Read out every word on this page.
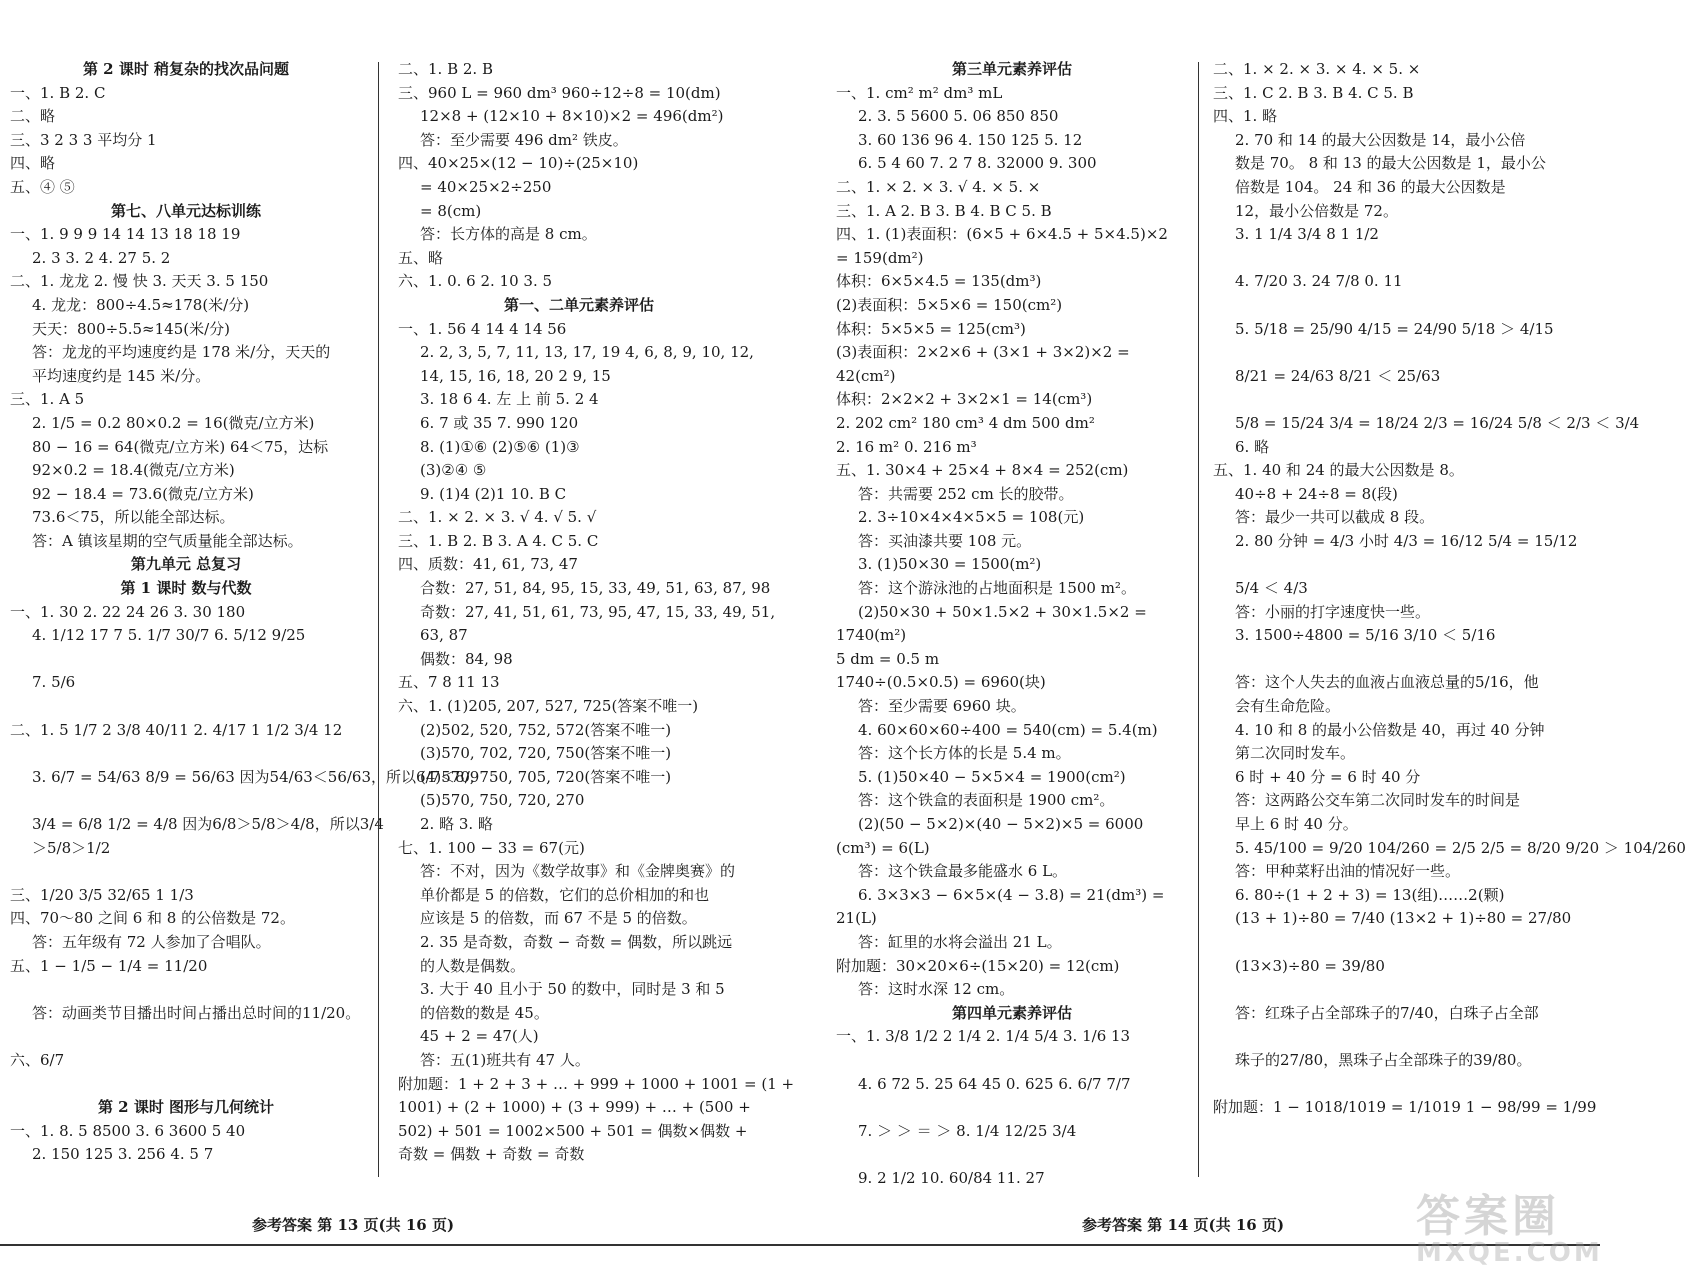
第 2 课时 稍复杂的找次品问题
一、1. B 2. C
二、略
三、3 2 3 3 平均分 1
四、略
五、④ ⑤
第七、八单元达标训练
一、1. 9 9 9 14 14 13 18 18 19
2. 3 3. 2 4. 27 5. 2
二、1. 龙龙 2. 慢 快 3. 天天 3. 5 150
4. 龙龙：800÷4.5≈178(米/分)
天天：800÷5.5≈145(米/分)
答：龙龙的平均速度约是 178 米/分，天天的
平均速度约是 145 米/分。
三、1. A 5
2. 1/5 = 0.2 80×0.2 = 16(微克/立方米)
80 − 16 = 64(微克/立方米) 64＜75，达标
92×0.2 = 18.4(微克/立方米)
92 − 18.4 = 73.6(微克/立方米)
73.6＜75，所以能全部达标。
答：A 镇该星期的空气质量能全部达标。
第九单元 总复习
第 1 课时 数与代数
一、1. 30 2. 22 24 26 3. 30 180
4. 1/12 17 7 5. 1/7 30/7 6. 5/12 9/25
7. 5/6
二、1. 5 1/7 2 3/8 40/11 2. 4/17 1 1/2 3/4 12
3. 6/7 = 54/63 8/9 = 56/63 因为54/63＜56/63，所以6/7＜8/9
3/4 = 6/8 1/2 = 4/8 因为6/8＞5/8＞4/8，所以3/4
＞5/8＞1/2
三、1/20 3/5 32/65 1 1/3
四、70～80 之间 6 和 8 的公倍数是 72。
答：五年级有 72 人参加了合唱队。
五、1 − 1/5 − 1/4 = 11/20
答：动画类节目播出时间占播出总时间的11/20。
六、6/7
第 2 课时 图形与几何统计
一、1. 8. 5 8500 3. 6 3600 5 40
2. 150 125 3. 256 4. 5 7
二、1. B 2. B
三、960 L = 960 dm³ 960÷12÷8 = 10(dm)
12×8 + (12×10 + 8×10)×2 = 496(dm²)
答：至少需要 496 dm² 铁皮。
四、40×25×(12 − 10)÷(25×10)
= 40×25×2÷250
= 8(cm)
答：长方体的高是 8 cm。
五、略
六、1. 0. 6 2. 10 3. 5
第一、二单元素养评估
一、1. 56 4 14 4 14 56
2. 2, 3, 5, 7, 11, 13, 17, 19 4, 6, 8, 9, 10, 12,
14, 15, 16, 18, 20 2 9, 15
3. 18 6 4. 左 上 前 5. 2 4
6. 7 或 35 7. 990 120
8. (1)①⑥ (2)⑤⑥ (1)③
(3)②④ ⑤
9. (1)4 (2)1 10. B C
二、1. × 2. × 3. √ 4. √ 5. √
三、1. B 2. B 3. A 4. C 5. C
四、质数：41, 61, 73, 47
合数：27, 51, 84, 95, 15, 33, 49, 51, 63, 87, 98
奇数：27, 41, 51, 61, 73, 95, 47, 15, 33, 49, 51,
63, 87
偶数：84, 98
五、7 8 11 13
六、1. (1)205, 207, 527, 725(答案不唯一)
(2)502, 520, 752, 572(答案不唯一)
(3)570, 702, 720, 750(答案不唯一)
(4)570, 750, 705, 720(答案不唯一)
(5)570, 750, 720, 270
2. 略 3. 略
七、1. 100 − 33 = 67(元)
答：不对，因为《数学故事》和《金牌奥赛》的
单价都是 5 的倍数，它们的总价相加的和也
应该是 5 的倍数，而 67 不是 5 的倍数。
2. 35 是奇数，奇数 − 奇数 = 偶数，所以跳远
的人数是偶数。
3. 大于 40 且小于 50 的数中，同时是 3 和 5
的倍数的数是 45。
45 + 2 = 47(人)
答：五(1)班共有 47 人。
附加题：1 + 2 + 3 + … + 999 + 1000 + 1001 = (1 +
1001) + (2 + 1000) + (3 + 999) + … + (500 +
502) + 501 = 1002×500 + 501 = 偶数×偶数 +
奇数 = 偶数 + 奇数 = 奇数
第三单元素养评估
一、1. cm² m² dm³ mL
2. 3. 5 5600 5. 06 850 850
3. 60 136 96 4. 150 125 5. 12
6. 5 4 60 7. 2 7 8. 32000 9. 300
二、1. × 2. × 3. √ 4. × 5. ×
三、1. A 2. B 3. B 4. B C 5. B
四、1. (1)表面积：(6×5 + 6×4.5 + 5×4.5)×2
= 159(dm²)
体积：6×5×4.5 = 135(dm³)
(2)表面积：5×5×6 = 150(cm²)
体积：5×5×5 = 125(cm³)
(3)表面积：2×2×6 + (3×1 + 3×2)×2 =
42(cm²)
体积：2×2×2 + 3×2×1 = 14(cm³)
2. 202 cm² 180 cm³ 4 dm 500 dm²
2. 16 m² 0. 216 m³
五、1. 30×4 + 25×4 + 8×4 = 252(cm)
答：共需要 252 cm 长的胶带。
2. 3÷10×4×4×5×5 = 108(元)
答：买油漆共要 108 元。
3. (1)50×30 = 1500(m²)
答：这个游泳池的占地面积是 1500 m²。
(2)50×30 + 50×1.5×2 + 30×1.5×2 =
1740(m²)
5 dm = 0.5 m
1740÷(0.5×0.5) = 6960(块)
答：至少需要 6960 块。
4. 60×60×60÷400 = 540(cm) = 5.4(m)
答：这个长方体的长是 5.4 m。
5. (1)50×40 − 5×5×4 = 1900(cm²)
答：这个铁盒的表面积是 1900 cm²。
(2)(50 − 5×2)×(40 − 5×2)×5 = 6000
(cm³) = 6(L)
答：这个铁盒最多能盛水 6 L。
6. 3×3×3 − 6×5×(4 − 3.8) = 21(dm³) =
21(L)
答：缸里的水将会溢出 21 L。
附加题：30×20×6÷(15×20) = 12(cm)
答：这时水深 12 cm。
第四单元素养评估
一、1. 3/8 1/2 2 1/4 2. 1/4 5/4 3. 1/6 13
4. 6 72 5. 25 64 45 0. 625 6. 6/7 7/7
7. ＞ ＞ ＝ ＞ 8. 1/4 12/25 3/4
9. 2 1/2 10. 60/84 11. 27
二、1. × 2. × 3. × 4. × 5. ×
三、1. C 2. B 3. B 4. C 5. B
四、1. 略
2. 70 和 14 的最大公因数是 14，最小公倍
数是 70。 8 和 13 的最大公因数是 1，最小公
倍数是 104。 24 和 36 的最大公因数是
12，最小公倍数是 72。
3. 1 1/4 3/4 8 1 1/2
4. 7/20 3. 24 7/8 0. 11
5. 5/18 = 25/90 4/15 = 24/90 5/18 ＞ 4/15
8/21 = 24/63 8/21 ＜ 25/63
5/8 = 15/24 3/4 = 18/24 2/3 = 16/24 5/8 ＜ 2/3 ＜ 3/4
6. 略
五、1. 40 和 24 的最大公因数是 8。
40÷8 + 24÷8 = 8(段)
答：最少一共可以截成 8 段。
2. 80 分钟 = 4/3 小时 4/3 = 16/12 5/4 = 15/12
5/4 ＜ 4/3
答：小丽的打字速度快一些。
3. 1500÷4800 = 5/16 3/10 ＜ 5/16
答：这个人失去的血液占血液总量的5/16，他
会有生命危险。
4. 10 和 8 的最小公倍数是 40，再过 40 分钟
第二次同时发车。
6 时 + 40 分 = 6 时 40 分
答：这两路公交车第二次同时发车的时间是
早上 6 时 40 分。
5. 45/100 = 9/20 104/260 = 2/5 2/5 = 8/20 9/20 ＞ 104/260
答：甲种菜籽出油的情况好一些。
6. 80÷(1 + 2 + 3) = 13(组)……2(颗)
(13 + 1)÷80 = 7/40 (13×2 + 1)÷80 = 27/80
(13×3)÷80 = 39/80
答：红珠子占全部珠子的7/40，白珠子占全部
珠子的27/80，黑珠子占全部珠子的39/80。
附加题：1 − 1018/1019 = 1/1019 1 − 98/99 = 1/99
参考答案 第 13 页(共 16 页)	参考答案 第 14 页(共 16 页)	答案圈
MXQE.COM
